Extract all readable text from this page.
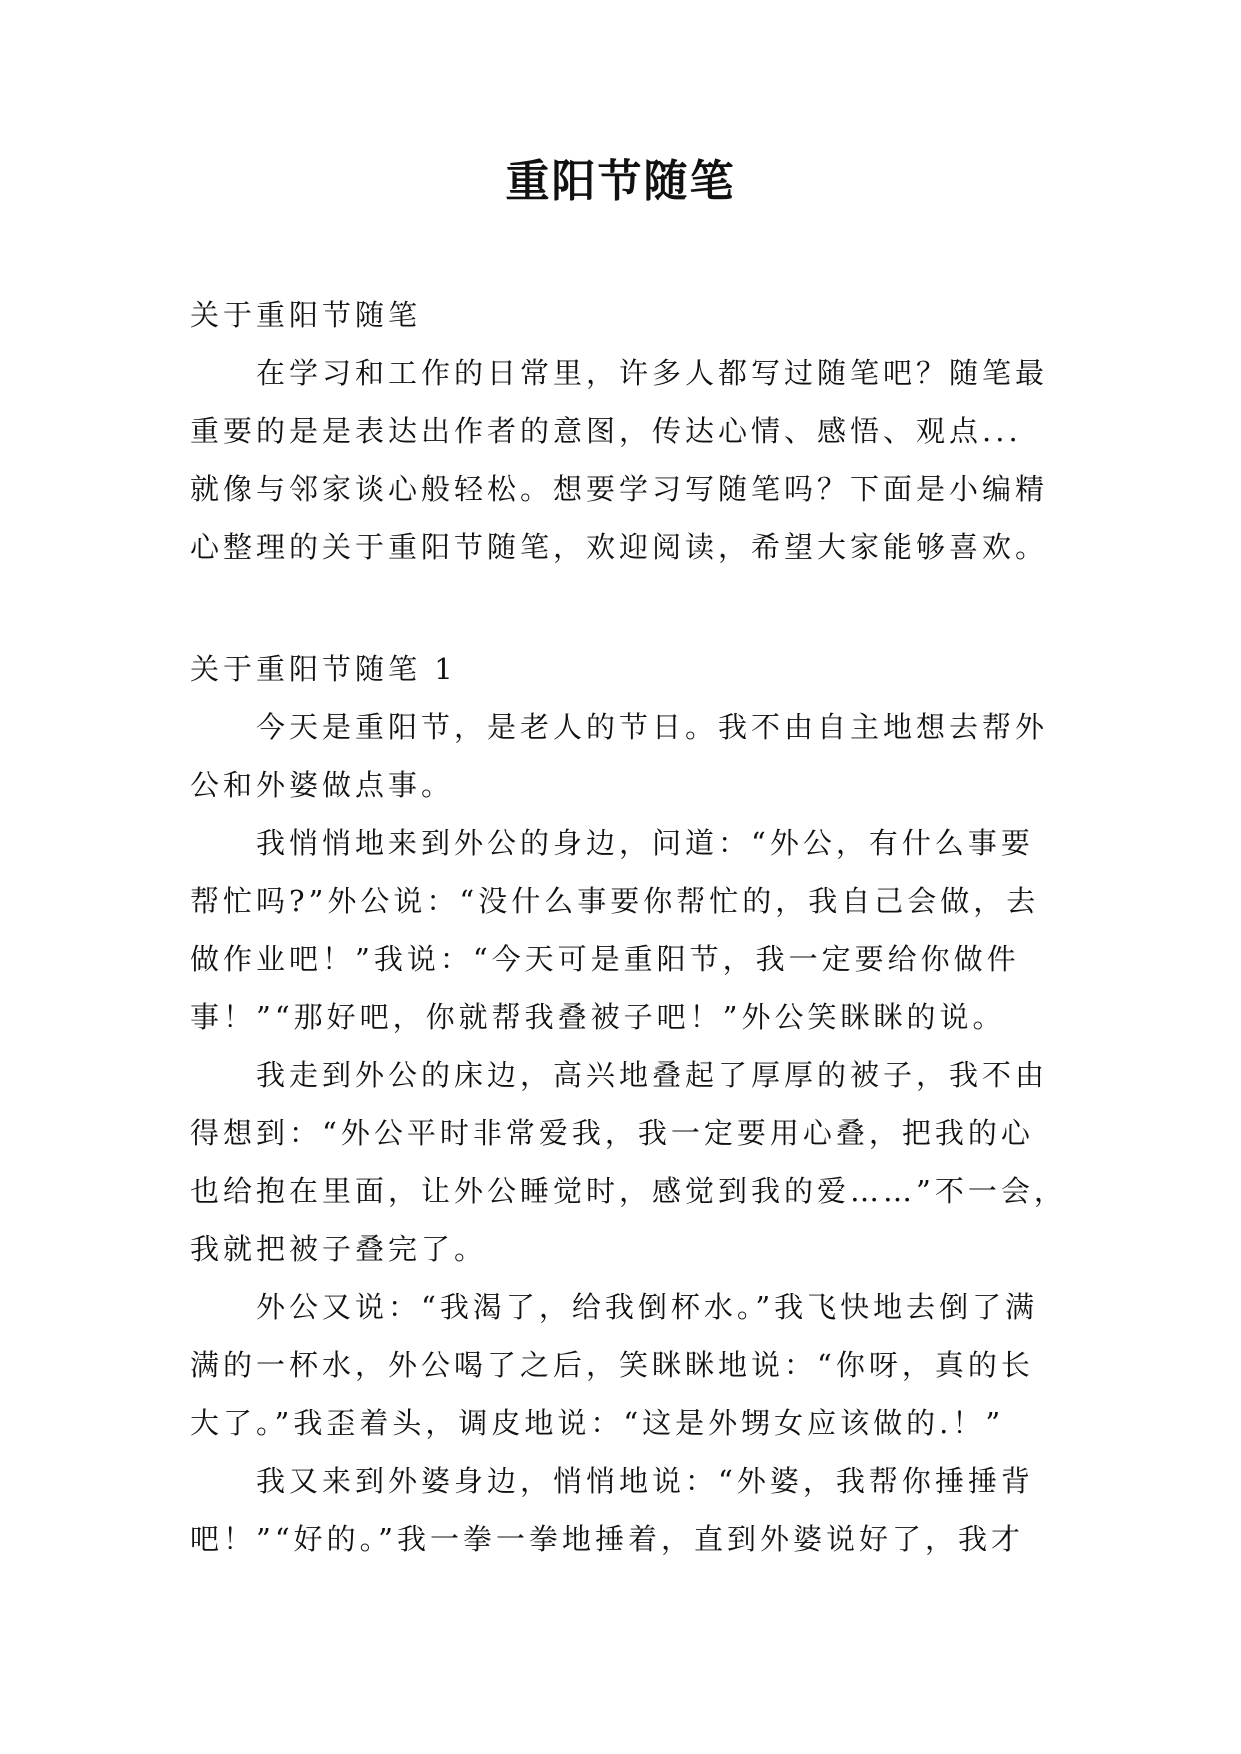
重阳节随笔
关于重阳节随笔
在学习和工作的日常里，许多人都写过随笔吧？随笔最
重要的是是表达出作者的意图，传达心情、感悟、观点...
就像与邻家谈心般轻松。想要学习写随笔吗？下面是小编精
心整理的关于重阳节随笔，欢迎阅读，希望大家能够喜欢。
关于重阳节随笔 1
今天是重阳节，是老人的节日。我不由自主地想去帮外
公和外婆做点事。
我悄悄地来到外公的身边，问道：“外公，有什么事要
帮忙吗?”外公说：“没什么事要你帮忙的，我自己会做，去
做作业吧！”我说：“今天可是重阳节，我一定要给你做件
事！”“那好吧，你就帮我叠被子吧！”外公笑眯眯的说。
我走到外公的床边，高兴地叠起了厚厚的被子，我不由
得想到：“外公平时非常爱我，我一定要用心叠，把我的心
也给抱在里面，让外公睡觉时，感觉到我的爱……”不一会，
我就把被子叠完了。
外公又说：“我渴了，给我倒杯水。”我飞快地去倒了满
满的一杯水，外公喝了之后，笑眯眯地说：“你呀，真的长
大了。”我歪着头，调皮地说：“这是外甥女应该做的.！”
我又来到外婆身边，悄悄地说：“外婆，我帮你捶捶背
吧！”“好的。”我一拳一拳地捶着，直到外婆说好了，我才
